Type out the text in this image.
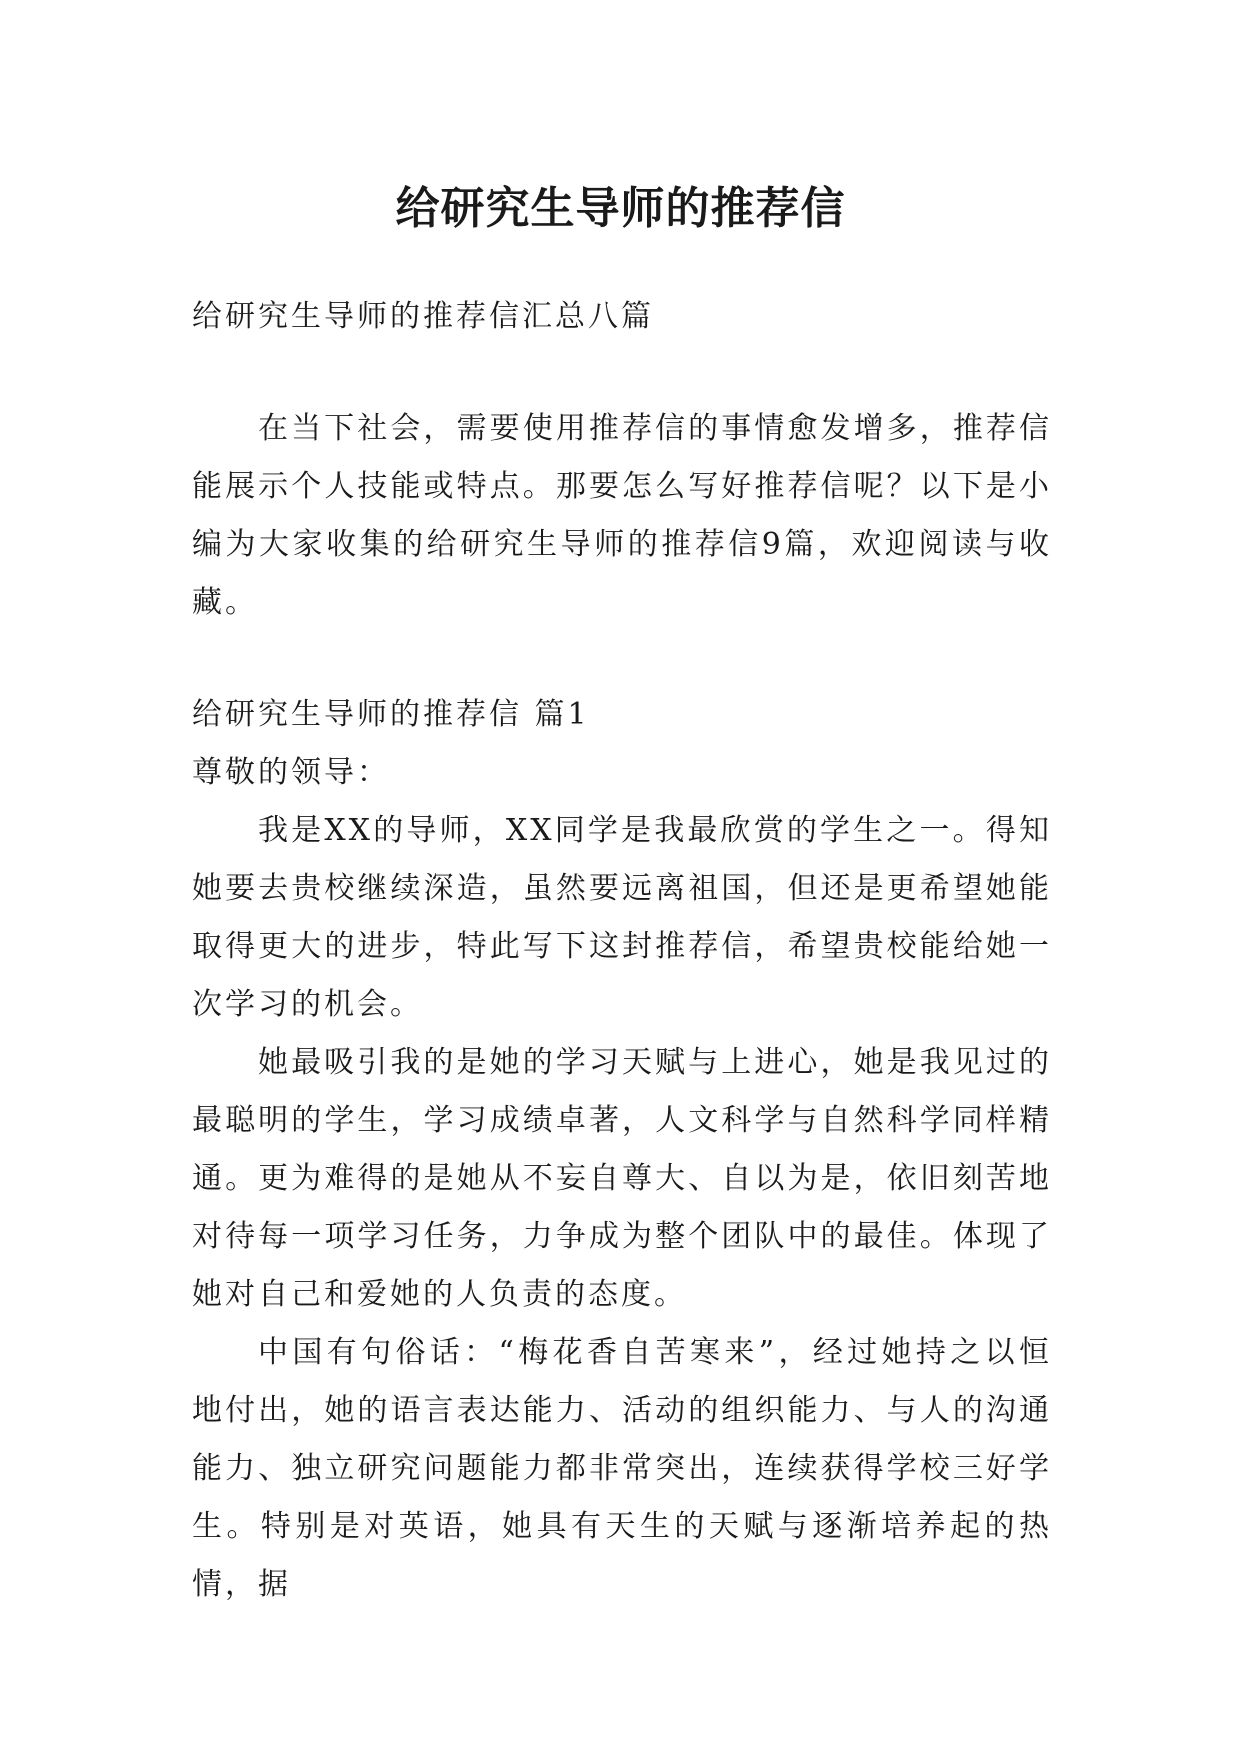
给研究生导师的推荐信

给研究生导师的推荐信汇总八篇

在当下社会，需要使用推荐信的事情愈发增多，推荐信能展示个人技能或特点。那要怎么写好推荐信呢？以下是小编为大家收集的给研究生导师的推荐信9篇，欢迎阅读与收藏。

给研究生导师的推荐信 篇1

尊敬的领导：

我是XX的导师，XX同学是我最欣赏的学生之一。得知她要去贵校继续深造，虽然要远离祖国，但还是更希望她能取得更大的进步，特此写下这封推荐信，希望贵校能给她一次学习的机会。

她最吸引我的是她的学习天赋与上进心，她是我见过的最聪明的学生，学习成绩卓著，人文科学与自然科学同样精通。更为难得的是她从不妄自尊大、自以为是，依旧刻苦地对待每一项学习任务，力争成为整个团队中的最佳。体现了她对自己和爱她的人负责的态度。

中国有句俗话：“梅花香自苦寒来”，经过她持之以恒地付出，她的语言表达能力、活动的组织能力、与人的沟通能力、独立研究问题能力都非常突出，连续获得学校三好学生。特别是对英语，她具有天生的天赋与逐渐培养起的热情，据
